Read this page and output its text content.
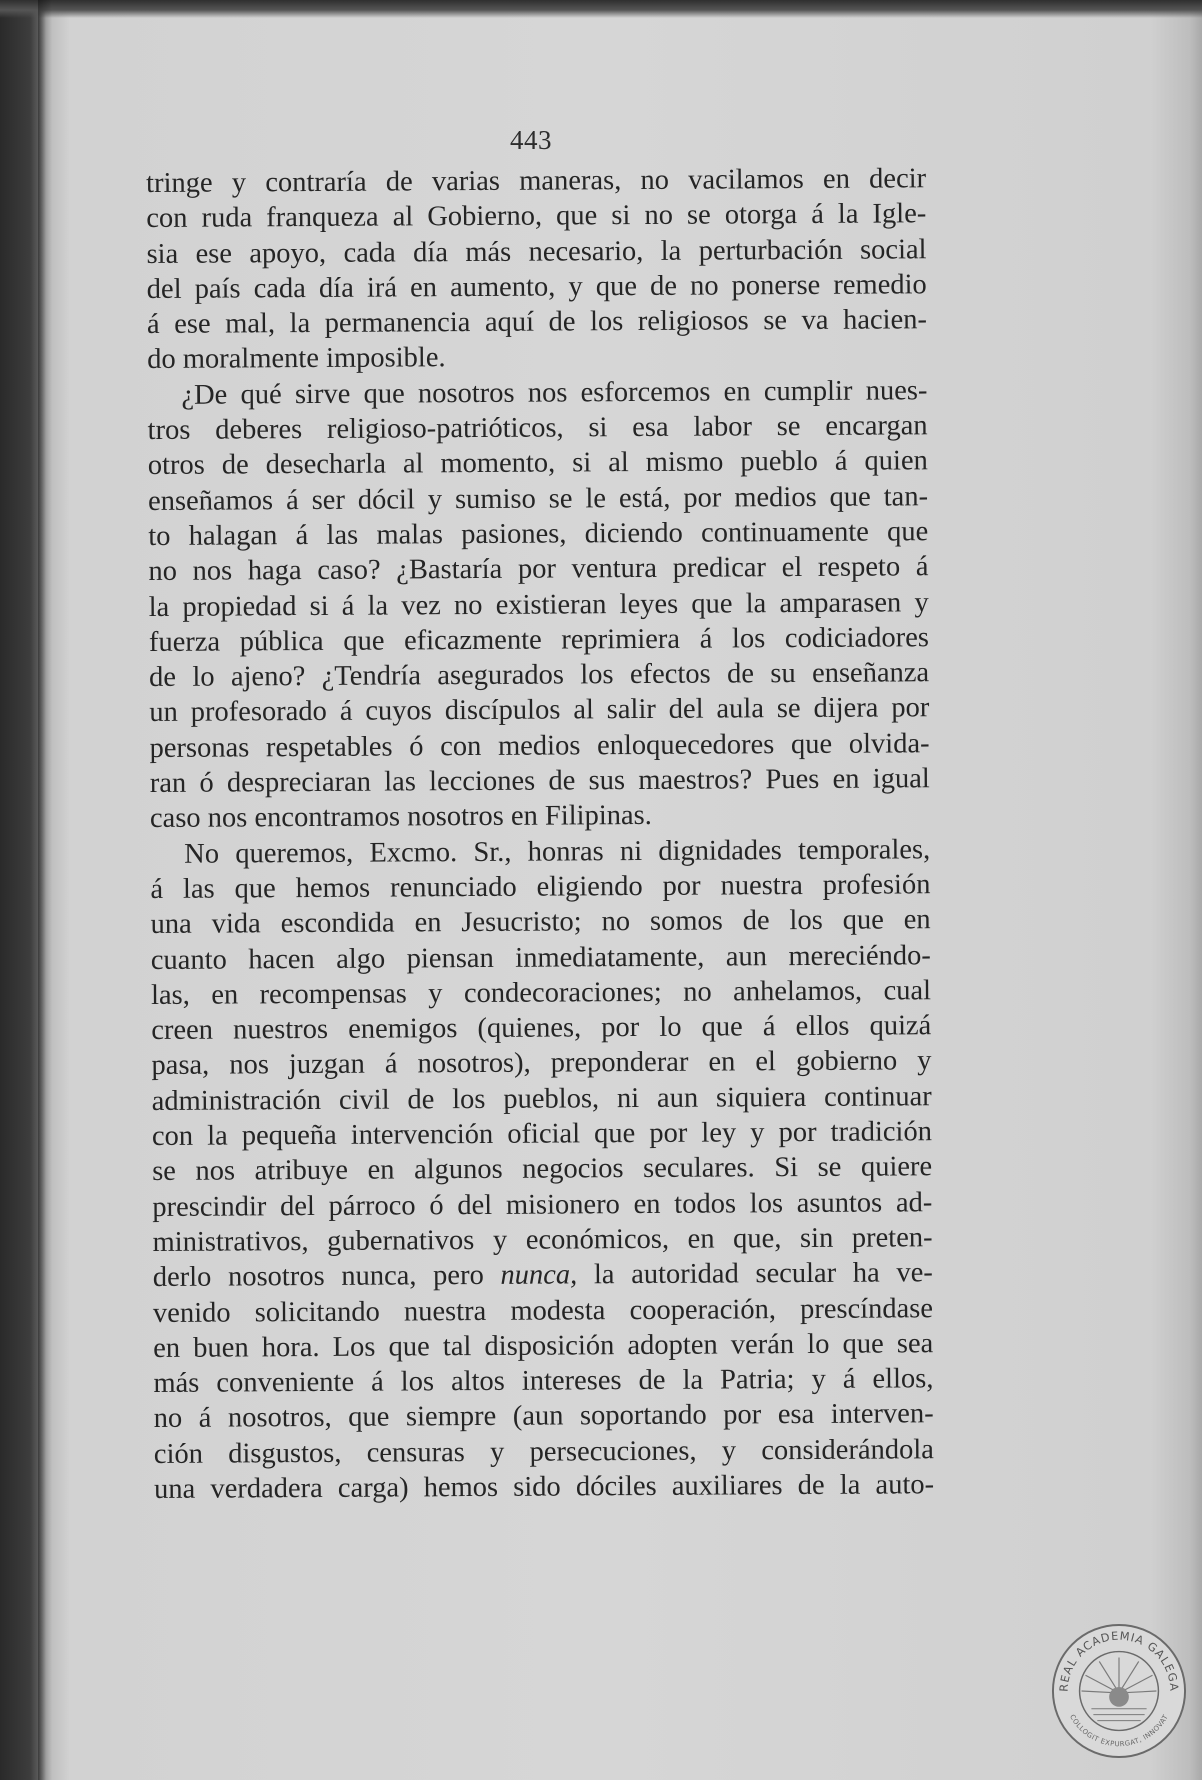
443
tringe y contraría de varias maneras, no vacilamos en decir
con ruda franqueza al Gobierno, que si no se otorga á la Igle-
sia ese apoyo, cada día más necesario, la perturbación social
del país cada día irá en aumento, y que de no ponerse remedio
á ese mal, la permanencia aquí de los religiosos se va hacien-
do moralmente imposible.
¿De qué sirve que nosotros nos esforcemos en cumplir nues-
tros deberes religioso-patrióticos, si esa labor se encargan
otros de desecharla al momento, si al mismo pueblo á quien
enseñamos á ser dócil y sumiso se le está, por medios que tan-
to halagan á las malas pasiones, diciendo continuamente que
no nos haga caso? ¿Bastaría por ventura predicar el respeto á
la propiedad si á la vez no existieran leyes que la amparasen y
fuerza pública que eficazmente reprimiera á los codiciadores
de lo ajeno? ¿Tendría asegurados los efectos de su enseñanza
un profesorado á cuyos discípulos al salir del aula se dijera por
personas respetables ó con medios enloquecedores que olvida-
ran ó despreciaran las lecciones de sus maestros? Pues en igual
caso nos encontramos nosotros en Filipinas.
No queremos, Excmo. Sr., honras ni dignidades temporales,
á las que hemos renunciado eligiendo por nuestra profesión
una vida escondida en Jesucristo; no somos de los que en
cuanto hacen algo piensan inmediatamente, aun mereciéndo-
las, en recompensas y condecoraciones; no anhelamos, cual
creen nuestros enemigos (quienes, por lo que á ellos quizá
pasa, nos juzgan á nosotros), preponderar en el gobierno y
administración civil de los pueblos, ni aun siquiera continuar
con la pequeña intervención oficial que por ley y por tradición
se nos atribuye en algunos negocios seculares. Si se quiere
prescindir del párroco ó del misionero en todos los asuntos ad-
ministrativos, gubernativos y económicos, en que, sin preten-
derlo nosotros nunca, pero nunca, la autoridad secular ha ve-
venido solicitando nuestra modesta cooperación, prescíndase
en buen hora. Los que tal disposición adopten verán lo que sea
más conveniente á los altos intereses de la Patria; y á ellos,
no á nosotros, que siempre (aun soportando por esa interven-
ción disgustos, censuras y persecuciones, y considerándola
una verdadera carga) hemos sido dóciles auxiliares de la auto-
REAL ACADEMIA GALEGA
COLLOGIT EXPURGAT, INNOVAT
